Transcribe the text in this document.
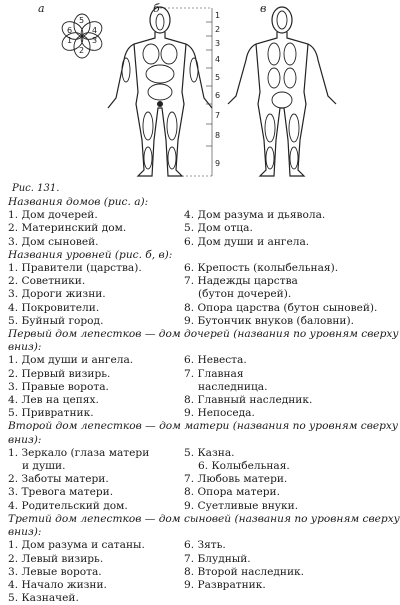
а	б	в
1
2
3
4
5
6
1
2
3
4
5
6
7
8
9
Рис. 131.
Названия домов (рис. а):
1. Дом дочерей.	4. Дом разума и дьявола.
2. Материнский дом.	5. Дом отца.
3. Дом сыновей.	6. Дом души и ангела.
Названия уровней (рис. б, в):
1. Правители (царства).	6. Крепость (колыбельная).
2. Советники.	7. Надежды царства
3. Дороги жизни.	(бутон дочерей).
4. Покровители.	8. Опора царства (бутон сыновей).
5. Буйный город.	9. Бутончик внуков (баловни).
Первый дом лепестков — дом дочерей (названия по уровням сверху
вниз):
1. Дом души и ангела.	6. Невеста.
2. Первый визирь.	7. Главная
3. Правые ворота.	наследница.
4. Лев на цепях.	8. Главный наследник.
5. Привратник.	9. Непоседа.
Второй дом лепестков — дом матери (названия по уровням сверху
вниз):
1. Зеркало (глаза матери	5. Казна.
и души.	6. Колыбельная.
2. Заботы матери.	7. Любовь матери.
3. Тревога матери.	8. Опора матери.
4. Родительский дом.	9. Суетливые внуки.
Третий дом лепестков — дом сыновей (названия по уровням сверху
вниз):
1. Дом разума и сатаны.	6. Зять.
2. Левый визирь.	7. Блудный.
3. Левые ворота.	8. Второй наследник.
4. Начало жизни.	9. Развратник.
5. Казначей.
